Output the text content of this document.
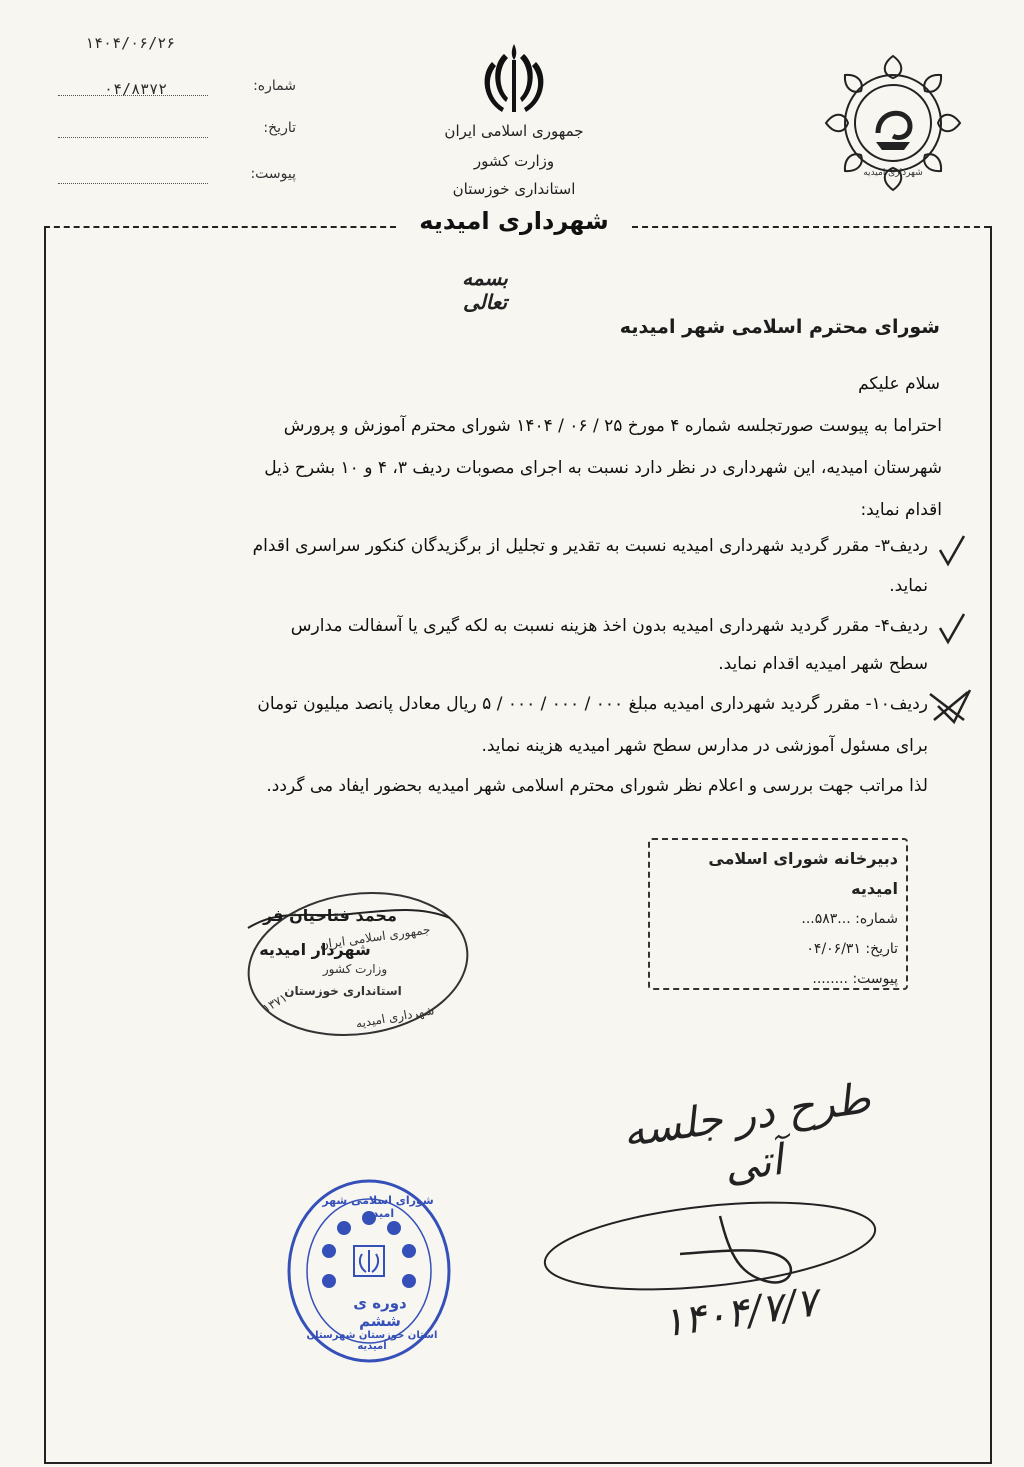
۱۴۰۴/۰۶/۲۶
شماره:
۰۴/۸۳۷۲
تاریخ:
پیوست:
جمهوری اسلامی ایران
وزارت کشور
استانداری خوزستان
شهرداری امیدیه
شهرداری امیدیه
بسمه تعالی
شورای محترم اسلامی شهر امیدیه
سلام علیکم
احتراما به پیوست صورتجلسه شماره ۴ مورخ ۲۵ / ۰۶ / ۱۴۰۴ شورای محترم آموزش و پرورش
شهرستان امیدیه، این شهرداری در نظر دارد نسبت به اجرای مصوبات ردیف ۳، ۴ و ۱۰ بشرح ذیل
اقدام نماید:
ردیف۳- مقرر گردید شهرداری امیدیه نسبت به تقدیر و تجلیل از برگزیدگان کنکور سراسری اقدام
نماید.
ردیف۴- مقرر گردید شهرداری امیدیه بدون اخذ هزینه نسبت به لکه گیری یا آسفالت مدارس
سطح شهر امیدیه اقدام نماید.
ردیف۱۰- مقرر گردید شهرداری امیدیه مبلغ ۰۰۰ / ۰۰۰ / ۰۰۰ / ۵ ریال معادل پانصد میلیون تومان
برای مسئول آموزشی در مدارس سطح شهر امیدیه هزینه نماید.
لذا مراتب جهت بررسی و اعلام نظر شورای محترم اسلامی شهر امیدیه بحضور ایفاد می گردد.
دبیرخانه شورای اسلامی امیدیه
شماره: ...۵۸۳...
تاریخ: ۰۴/۰۶/۳۱
پیوست: ........
محمد فتاحیان فر
جمهوری اسلامی ایران
شهردار امیدیه
وزارت کشور
استانداری خوزستان
شهرداری امیدیه
۱۳۷۱
طرح در جلسه آتی
شورای اسلامی شهر امیدیه
دوره ی ششم
استان خوزستان شهرستان امیدیه	۱۴۰۴/۷/۷
